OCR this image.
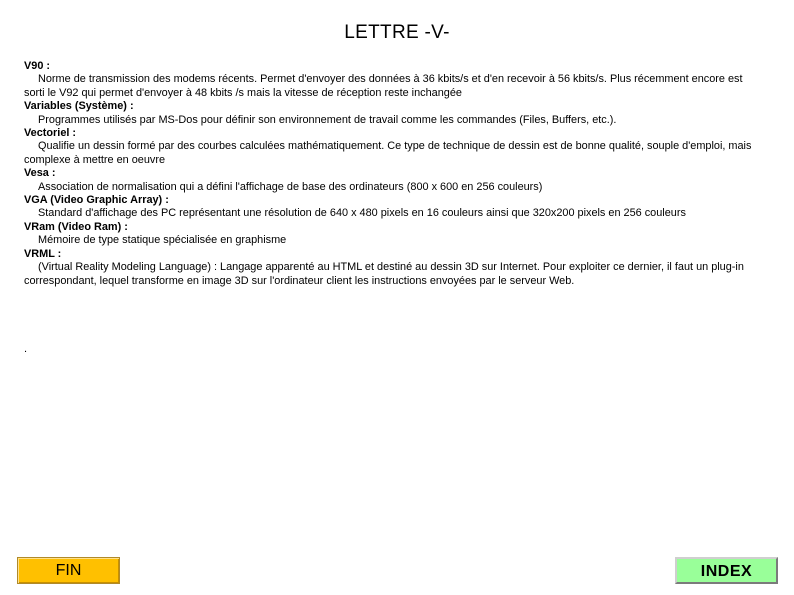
LETTRE -V-
V90 :
Norme de transmission des modems récents. Permet d'envoyer des données à 36 kbits/s et d'en recevoir à 56 kbits/s. Plus récemment encore est sorti le V92 qui permet d'envoyer à 48 kbits /s mais la vitesse de réception reste inchangée
Variables (Système) :
Programmes utilisés par MS-Dos pour définir son environnement de travail comme les commandes (Files, Buffers, etc.).
Vectoriel :
Qualifie un dessin formé par des courbes calculées mathématiquement. Ce type de technique de dessin est de bonne qualité, souple d'emploi, mais complexe à mettre en oeuvre
Vesa :
Association de normalisation qui a défini l'affichage de base des ordinateurs (800 x 600 en 256 couleurs)
VGA (Video Graphic Array) :
Standard d'affichage des PC représentant une résolution de 640 x 480 pixels en 16 couleurs ainsi que 320x200 pixels en 256 couleurs
VRam (Video Ram) :
Mémoire de type statique spécialisée en graphisme
VRML :
(Virtual Reality Modeling Language) : Langage apparenté au HTML et destiné au dessin 3D sur Internet. Pour exploiter ce dernier, il faut un plug-in correspondant, lequel transforme en image 3D sur l'ordinateur client les instructions envoyées par le serveur Web.
.
FIN	INDEX
